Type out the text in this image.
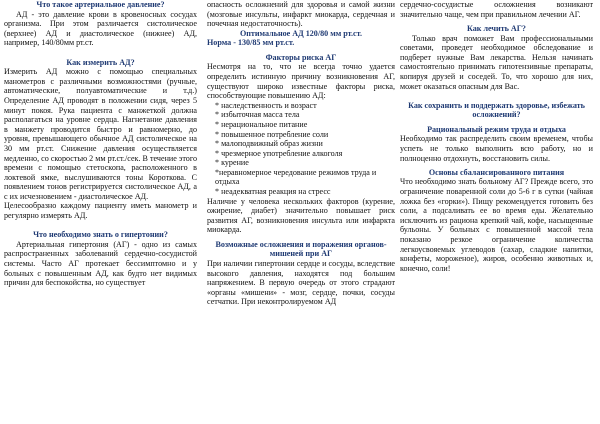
Что такое артериальное давление?

АД - это давление крови в кровеносных сосудах организма. При этом различается систолическое (верхнее) АД и диастолическое (нижнее) АД, например, 140/80мм рт.ст.

Как измерить АД?

Измерить АД можно с помощью специальных манометров с различными возможностями (ручные, автоматические, полуавтоматические и т.д.) Определение АД проводят в положении сидя, через 5 минут покоя. Рука пациента с манжеткой должна располагаться на уровне сердца. Нагнетание давления в манжету проводится быстро и равномерно, до уровня, превышающего обычное АД систолическое на 30 мм рт.ст. Снижение давления осуществляется медленно, со скоростью 2 мм рт.ст./сек. В течение этого времени с помощью стетоскопа, расположенного в локтевой ямке, выслушиваются тоны Короткова. С появлением тонов регистрируется систолическое АД, а с их исчезновением - диастолическое АД.

Целесообразно каждому пациенту иметь манометр и регулярно измерять АД.

Что необходимо знать о гипертонии?

Артериальная гипертония (АГ) - одно из самых распространенных заболеваний сердечно-сосудистой системы. Часто АГ протекает бессимптомно и у больных с повышенным АД, как будто нет видимых причин для беспокойства, но существует

опасность осложнений для здоровья и самой жизни (мозговые инсульты, инфаркт миокарда, сердечная и почечная недостаточность).

Оптимальное АД 120/80 мм рт.ст.

Норма - 130/85 мм рт.ст.

Факторы риска АГ

Несмотря на то, что не всегда точно удается определить истинную причину возникновения АГ, существуют широко известные факторы риска, способствующие повышению АД:

* наследственность и возраст
* избыточная масса тела
* нерациональное питание
* повышенное потребление соли
* малоподвижный образ жизни
* чрезмерное употребление алкоголя
* курение
*неравномерное чередование режимов труда и отдыха
* неадекватная реакция на стресс

Наличие у человека нескольких факторов (курение, ожирение, диабет) значительно повышает риск развития АГ, возникновения инсульта или инфаркта миокарда.

Возможные осложнения и поражения органов-мишеней при АГ

При наличии гипертонии сердце и сосуды, вследствие высокого давления, находятся под большим напряжением. В первую очередь от этого страдают «органы «мишени» - мозг, сердце, почки, сосуды сетчатки. При неконтролируемом АД

сердечно-сосудистые осложнения возникают значительно чаще, чем при правильном лечении АГ.

Как лечить АГ?

Только врач поможет Вам профессиональными советами, проведет необходимое обследование и подберет нужные Вам лекарства. Нельзя начинать самостоятельно принимать гипотензивные препараты, копируя друзей и соседей. То, что хорошо для них, может оказаться опасным для Вас.

Как сохранить и поддержать здоровье, избежать осложнений?

Рациональный режим труда и отдыха

Необходимо так распределить своим временем, чтобы успеть не только выполнить всю работу, но и полноценно отдохнуть, восстановить силы.

Основы сбалансированного питания

Что необходимо знать больному АГ? Прежде всего, это ограничение поваренной соли до 5-6 г в сутки (чайная ложка без «горки»). Пищу рекомендуется готовить без соли, а подсаливать ее во время еды. Желательно исключить из рациона крепкий чай, кофе, насыщенные бульоны. У больных с повышенной массой тела показано резкое ограничение количества легкоусвояемых углеводов (сахар, сладкие напитки, конфеты, мороженое), жиров, особенно животных и, конечно, соли!
